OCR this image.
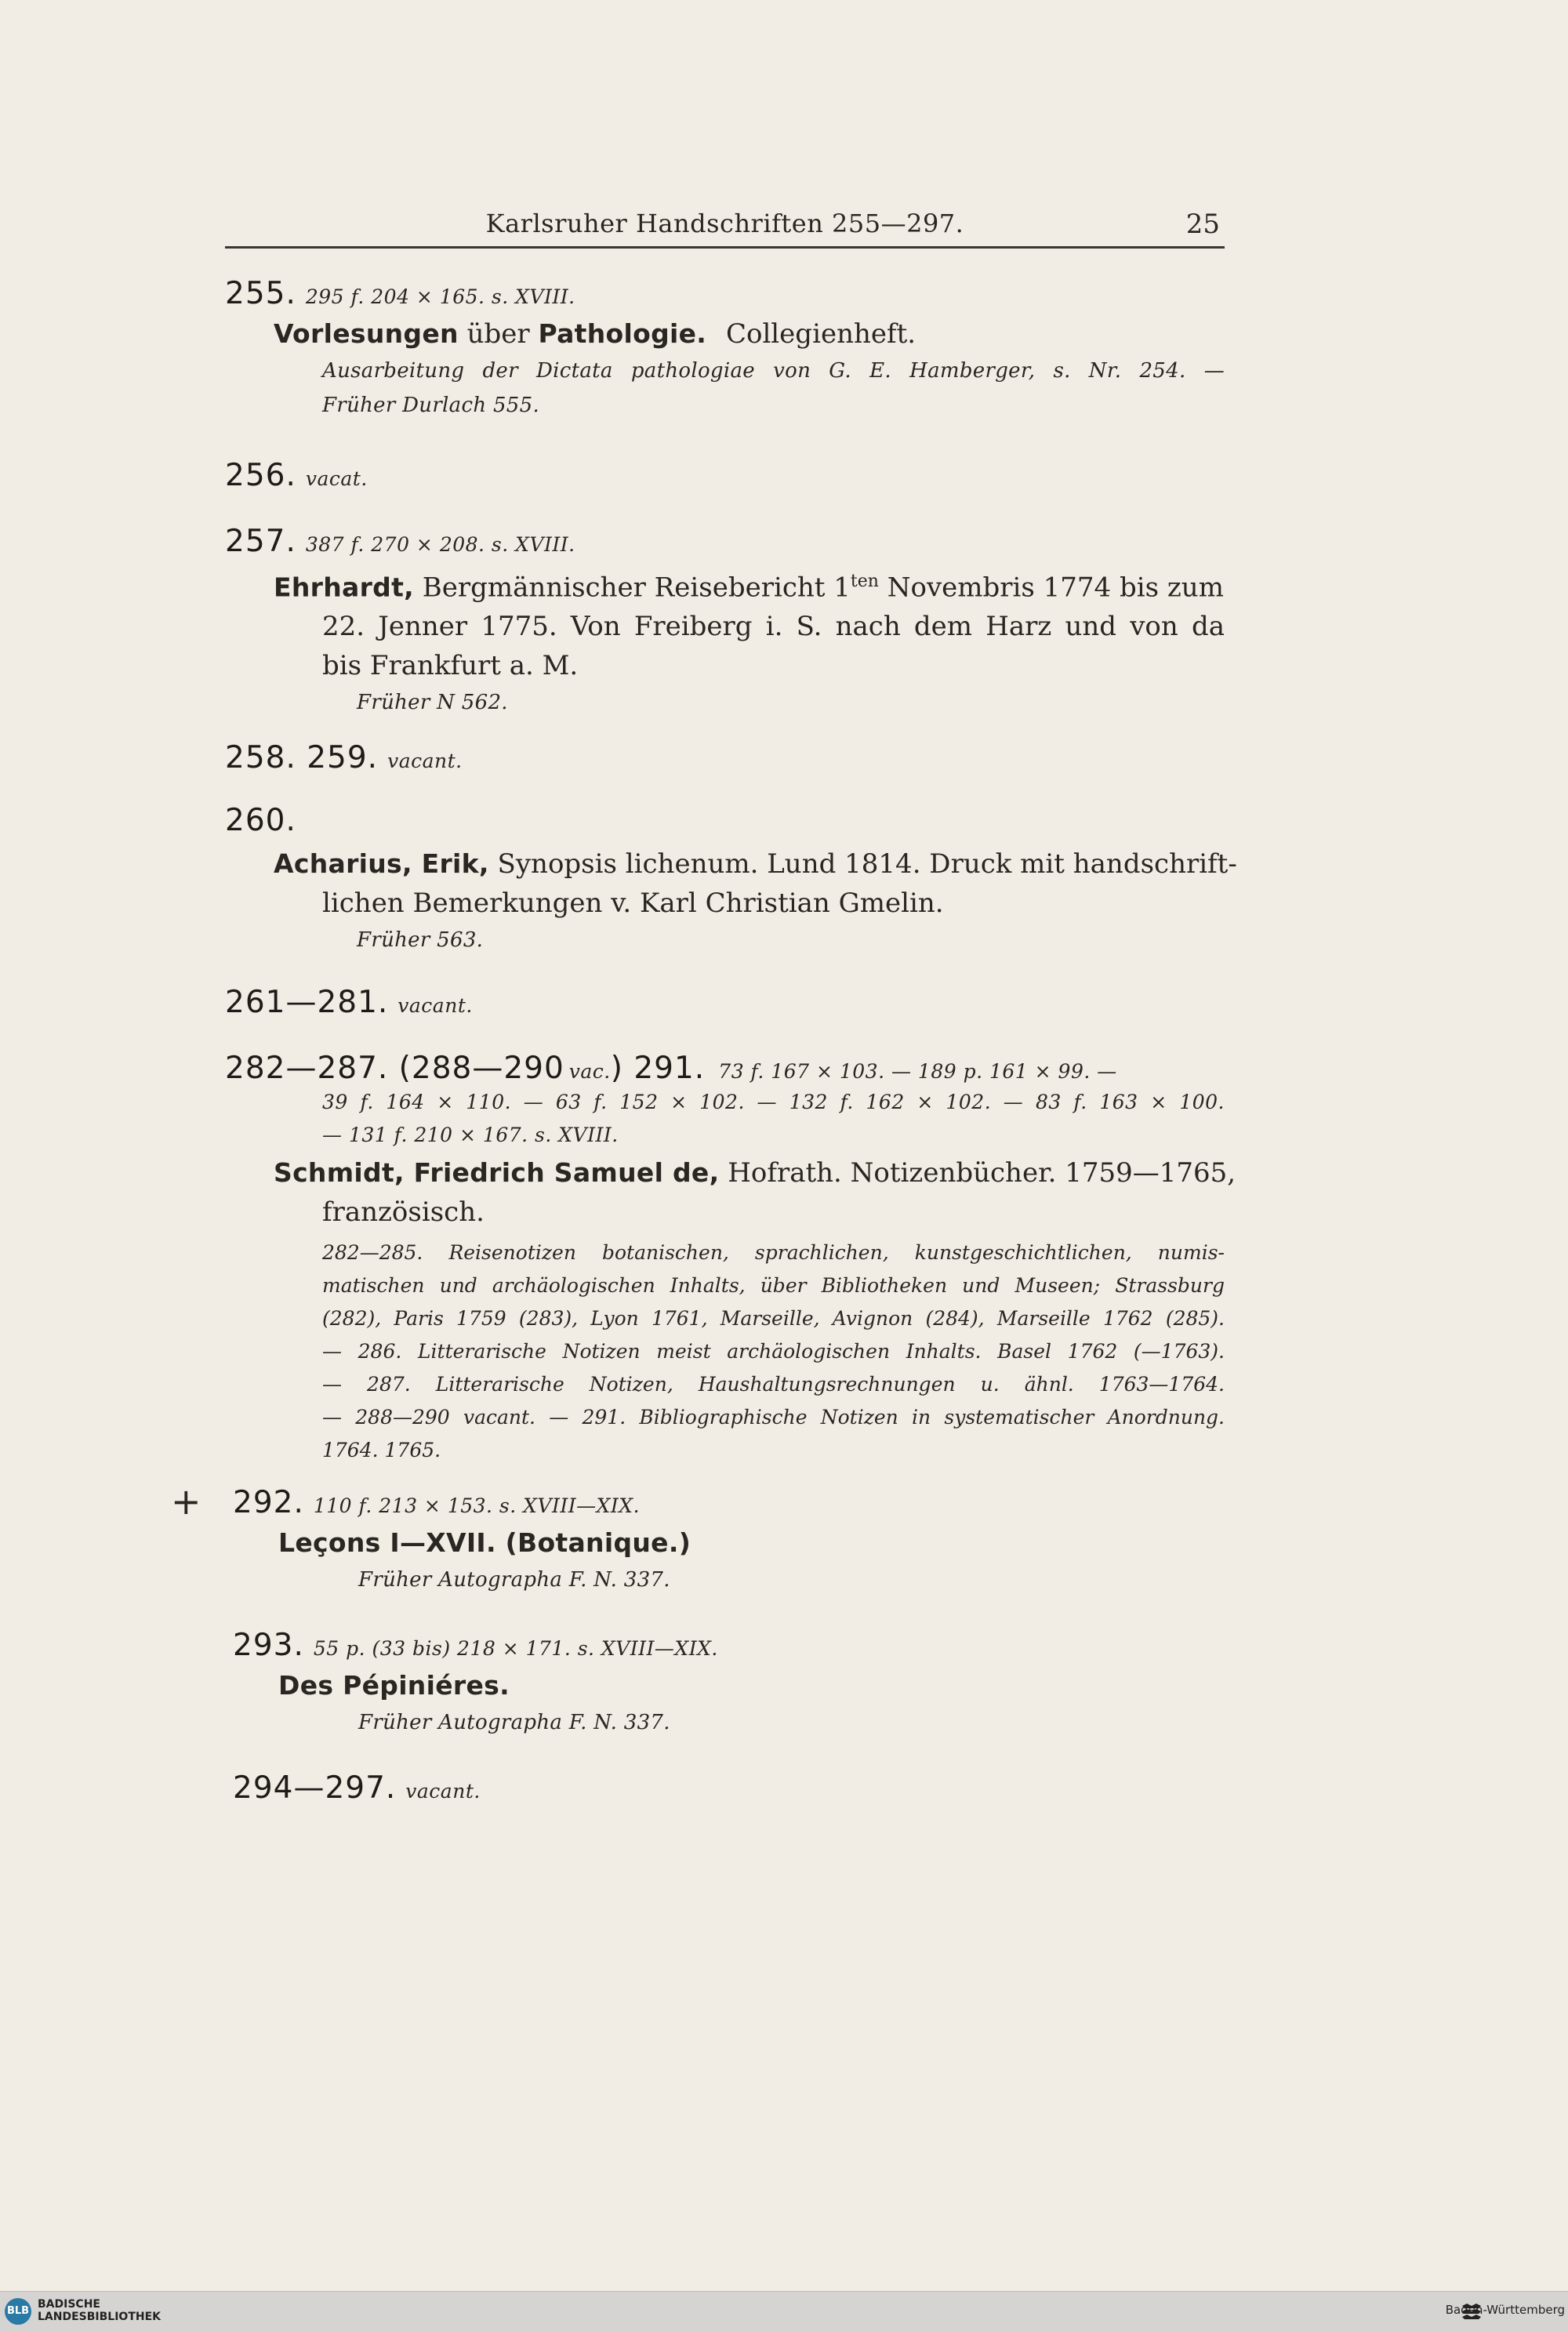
Karlsruher Handschriften 255—297.	25
255. 295 f. 204 × 165. s. XVIII.
Vorlesungen über Pathologie. Collegienheft.
Ausarbeitung der Dictata pathologiae von G. E. Hamberger, s. Nr. 254. —
Früher Durlach 555.
256. vacat.
257. 387 f. 270 × 208. s. XVIII.
Ehrhardt, Bergmännischer Reisebericht $1^{ten}$ Novembris 1774 bis zum
22. Jenner 1775. Von Freiberg i. S. nach dem Harz und von da
bis Frankfurt a. M.
Früher N 562.
258. 259. vacant.
260.
Acharius, Erik, Synopsis lichenum. Lund 1814. Druck mit handschrift-
lichen Bemerkungen v. Karl Christian Gmelin.
Früher 563.
261—281. vacant.
282—287. (288—290 vac.) 291. 73 f. 167 × 103. — 189 p. 161 × 99. —
39 f. 164 × 110. — 63 f. 152 × 102. — 132 f. 162 × 102. — 83 f. 163 × 100.
— 131 f. 210 × 167. s. XVIII.
Schmidt, Friedrich Samuel de, Hofrath. Notizenbücher. 1759—1765,
französisch.
282—285. Reisenotizen botanischen, sprachlichen, kunstgeschichtlichen, numis-
matischen und archäologischen Inhalts, über Bibliotheken und Museen; Strassburg
(282), Paris 1759 (283), Lyon 1761, Marseille, Avignon (284), Marseille 1762 (285).
— 286. Litterarische Notizen meist archäologischen Inhalts. Basel 1762 (—1763).
— 287. Litterarische Notizen, Haushaltungsrechnungen u. ähnl. 1763—1764.
— 288—290 vacant. — 291. Bibliographische Notizen in systematischer Anordnung.
1764. 1765.
+ 292. 110 f. 213 × 153. s. XVIII—XIX.
Leçons I—XVII. (Botanique.)
Früher Autographa F. N. 337.
293. 55 p. (33 bis) 218 × 171. s. XVIII—XIX.
Des Pépiniéres.
Früher Autographa F. N. 337.
294—297. vacant.
BLB
BADISCHE
LANDESBIBLIOTHEK	Baden-Württemberg
